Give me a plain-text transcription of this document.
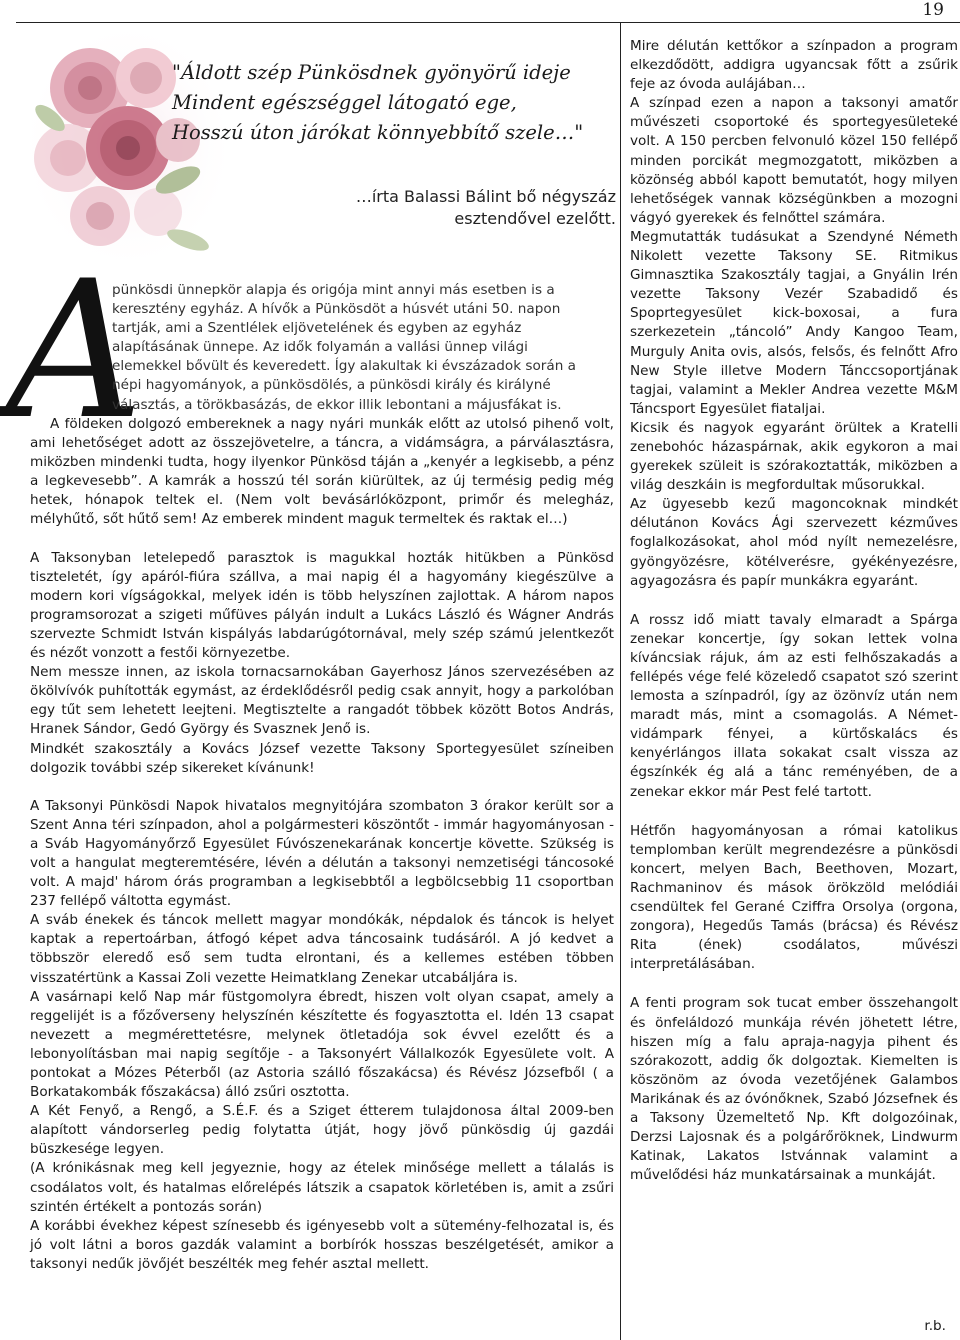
19
"Áldott szép Pünkösdnek gyönyörű ideje
Mindent egészséggel látogató ege,
Hosszú úton járókat könnyebbítő szele…"
…írta Balassi Bálint bő négyszáz
esztendővel ezelőtt.
A
pünkösdi ünnepkör alapja és origója mint annyi más esetben is a
keresztény egyház. A hívők a Pünkösdöt a húsvét utáni 50. napon
tartják, ami a Szentlélek eljövetelének és egyben az egyház
alapításának ünnepe. Az idők folyamán a vallási ünnep világi
elemekkel bővült és keveredett. Így alakultak ki évszázadok során a
népi hagyományok, a pünkösdölés, a pünkösdi király és királyné
választás, a törökbasázás, de ekkor illik lebontani a májusfákat is.

A földeken dolgozó embereknek a nagy nyári munkák előtt az utolsó pihenő volt, ami lehetőséget adott az összejövetelre, a táncra, a vidámságra, a párválasztásra, miközben mindenki tudta, hogy ilyenkor Pünkösd táján a „kenyér a legkisebb, a pénz a legkevesebb”. A kamrák a hosszú tél során kiürültek, az új termésig pedig még hetek, hónapok teltek el. (Nem volt bevásárlóközpont, primőr és melegház, mélyhűtő, sőt hűtő sem! Az emberek mindent maguk termeltek és raktak el…)

A Taksonyban letelepedő parasztok is magukkal hozták hitükben a Pünkösd tiszteletét, így apáról-fiúra szállva, a mai napig él a hagyomány kiegészülve a modern kori vígságokkal, melyek idén is több helyszínen zajlottak. A három napos programsorozat a szigeti műfüves pályán indult a Lukács László és Wágner András szervezte Schmidt István kispályás labdarúgótornával, mely szép számú jelentkezőt és nézőt vonzott a festői környezetbe.

Nem messze innen, az iskola tornacsarnokában Gayerhosz János szervezésében az ökölvívók puhították egymást, az érdeklődésről pedig csak annyit, hogy a parkolóban egy tűt sem lehetett leejteni. Megtisztelte a rangadót többek között Botos András, Hranek Sándor, Gedó György és Svasznek Jenő is.

Mindkét szakosztály a Kovács József vezette Taksony Sportegyesület színeiben dolgozik további szép sikereket kívánunk!

A Taksonyi Pünkösdi Napok hivatalos megnyitójára szombaton 3 órakor került sor a Szent Anna téri színpadon, ahol a polgármesteri köszöntőt - immár hagyományosan - a Sváb Hagyományőrző Egyesület Fúvószenekarának koncertje követte. Szükség is volt a hangulat megteremtésére, lévén a délután a taksonyi nemzetiségi táncosoké volt. A majd' három órás programban a legkisebbtől a legbölcsebbig 11 csoportban 237 fellépő váltotta egymást.

A sváb énekek és táncok mellett magyar mondókák, népdalok és táncok is helyet kaptak a repertoárban, átfogó képet adva táncosaink tudásáról. A jó kedvet a többször eleredő eső sem tudta elrontani, és a kellemes estében többen visszatértünk a Kassai Zoli vezette Heimatklang Zenekar utcabáljára is.

A vasárnapi kelő Nap már füstgomolyra ébredt, hiszen volt olyan csapat, amely a reggelijét is a főzőverseny helyszínén készítette és fogyasztotta el. Idén 13 csapat nevezett a megmérettetésre, melynek ötletadója sok évvel ezelőtt és a lebonyolításban mai napig segítője - a Taksonyért Vállalkozók Egyesülete volt. A pontokat a Mózes Péterből (az Astoria szálló főszakácsa) és Révész Józsefből ( a Borkatakombák főszakácsa) álló zsűri osztotta.

A Két Fenyő, a Rengő, a S.É.F. és a Sziget étterem tulajdonosa által 2009-ben alapított vándorserleg pedig folytatta útját, hogy jövő pünkösdig új gazdái büszkesége legyen.

(A krónikásnak meg kell jegyeznie, hogy az ételek minősége mellett a tálalás is csodálatos volt, és hatalmas előrelépés látszik a csapatok körletében is, amit a zsűri szintén értékelt a pontozás során)

A korábbi évekhez képest színesebb és igényesebb volt a sütemény-felhozatal is, és jó volt látni a boros gazdák valamint a borbírók hosszas beszélgetését, amikor a taksonyi nedűk jövőjét beszélték meg fehér asztal mellett.

Mire délután kettőkor a színpadon a program elkezdődött, addigra ugyancsak főtt a zsűrik feje az óvoda aulájában…

A színpad ezen a napon a taksonyi amatőr művészeti csoportoké és sportegyesületeké volt. A 150 percben felvonuló közel 150 fellépő minden porcikát megmozgatott, miközben a közönség abból kapott bemutatót, hogy milyen lehetőségek vannak községünkben a mozogni vágyó gyerekek és felnőttel számára.

Megmutatták tudásukat a Szendyné Németh Nikolett vezette Taksony SE. Ritmikus Gimnasztika Szakosztály tagjai, a Gnyálin Irén vezette Taksony Vezér Szabadidő és Spoprtegyesület kick-boxosai, a fura szerkezetein „táncoló” Andy Kangoo Team, Murguly Anita ovis, alsós, felsős, és felnőtt Afro New Style illetve Modern Tánccsoportjának tagjai, valamint a Mekler Andrea vezette M&M Táncsport Egyesület fiataljai.

Kicsik és nagyok egyaránt örültek a Kratelli zenebohóc házaspárnak, akik egykoron a mai gyerekek szüleit is szórakoztatták, miközben a világ deszkáin is megfordultak műsorukkal.

Az ügyesebb kezű magoncoknak mindkét délutánon Kovács Ági szervezett kézműves foglalkozásokat, ahol mód nyílt nemezelésre, gyöngyözésre, kötélverésre, gyékényezésre, agyagozásra és papír munkákra egyaránt.

A rossz idő miatt tavaly elmaradt a Spárga zenekar koncertje, így sokan lettek volna kíváncsiak rájuk, ám az esti felhőszakadás a fellépés vége felé közeledő csapatot szó szerint lemosta a színpadról, így az özönvíz után nem maradt más, mint a csomagolás. A Német-vidámpark fényei, a kürtőskalács és kenyérlángos illata sokakat csalt vissza az égszínkék ég alá a tánc reményében, de a zenekar ekkor már Pest felé tartott.

Hétfőn hagyományosan a római katolikus templomban került megrendezésre a pünkösdi koncert, melyen Bach, Beethoven, Mozart, Rachmaninov és mások örökzöld melódiái csendültek fel Gerané Cziffra Orsolya (orgona, zongora), Hegedűs Tamás (brácsa) és Révész Rita (ének) csodálatos, művészi interpretálásában.

A fenti program sok tucat ember összehangolt és önfeláldozó munkája révén jöhetett létre, hiszen míg a falu apraja-nagyja pihent és szórakozott, addig ők dolgoztak. Kiemelten is köszönöm az óvoda vezetőjének Galambos Marikának és az óvónőknek, Szabó Józsefnek és a Taksony Üzemeltető Np. Kft dolgozóinak, Derzsi Lajosnak és a polgárőröknek, Lindwurm Katinak, Lakatos Istvánnak valamint a művelődési ház munkatársainak a munkáját.

r.b.
